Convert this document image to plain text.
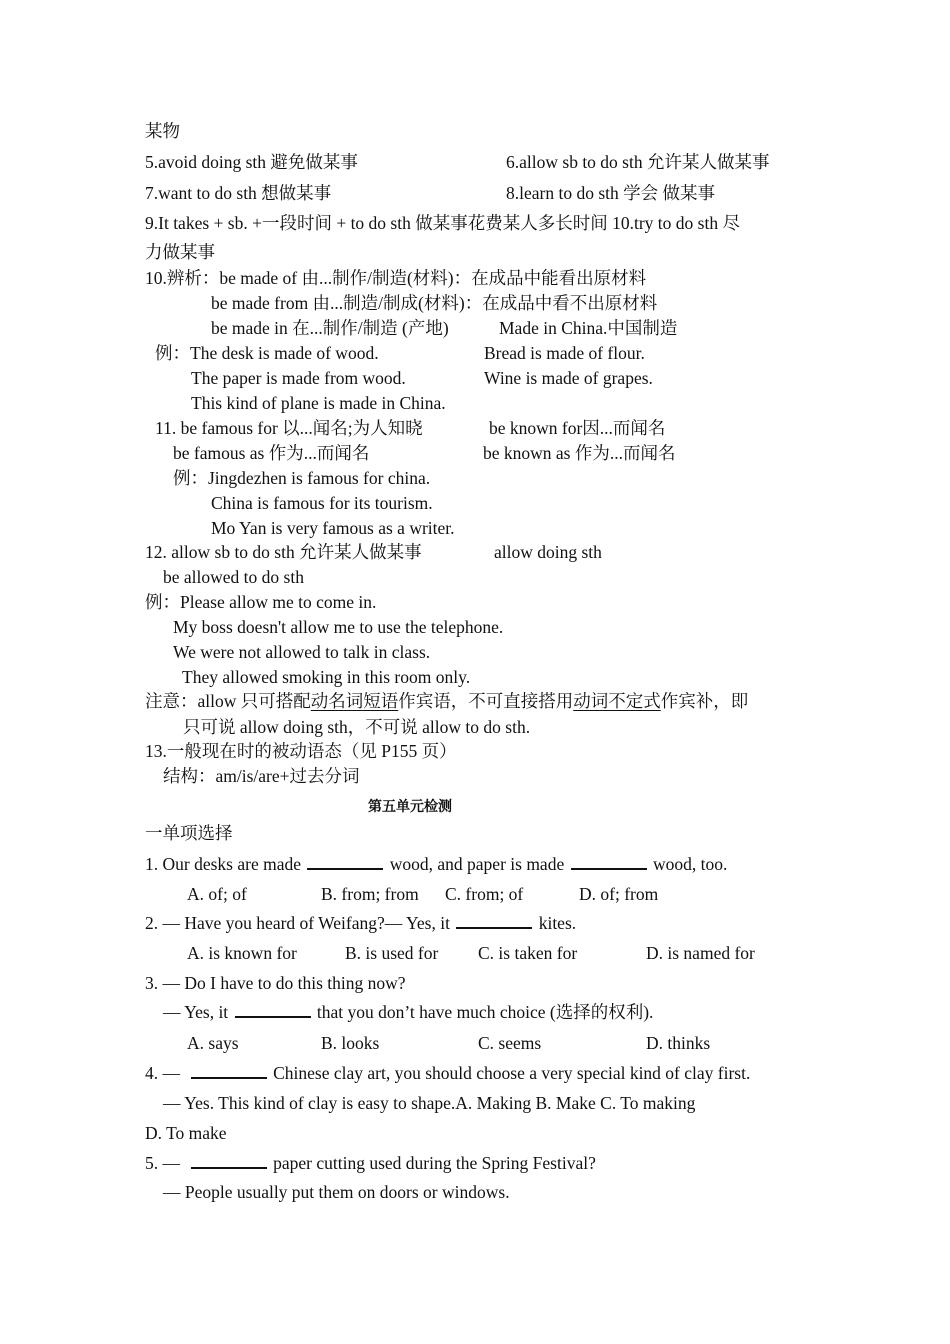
某物

5.avoid doing sth 避免做某事	6.allow sb to do sth 允许某人做某事

7.want to do sth 想做某事	8.learn to do sth 学会 做某事

9.It takes + sb. +一段时间 + to do sth 做某事花费某人多长时间 10.try to do sth 尽

力做某事

10.辨析：be made of 由...制作/制造(材料)：在成品中能看出原材料

be made from 由...制造/制成(材料)：在成品中看不出原材料

be made in 在...制作/制造 (产地)	Made in China.中国制造

例：The desk is made of wood.	Bread is made of flour.

The paper is made from wood.	Wine is made of grapes.

This kind of plane is made in China.

11. be famous for 以...闻名;为人知晓	be known for因...而闻名

be famous as 作为...而闻名	be known as 作为...而闻名

例：Jingdezhen is famous for china.

China is famous for its tourism.

Mo Yan is very famous as a writer.

12. allow sb to do sth 允许某人做某事	allow doing sth

be allowed to do sth

例：Please allow me to come in.

My boss doesn't allow me to use the telephone.

We were not allowed to talk in class.

They allowed smoking in this room only.

注意：allow 只可搭配动名词短语作宾语，不可直接搭用动词不定式作宾补，即

只可说 allow doing sth，不可说 allow to do sth.

13.一般现在时的被动语态（见 P155 页）

结构：am/is/are+过去分词

第五单元检测

一单项选择

1. Our desks are made	wood, and paper is made	wood, too.

A. of; of	B. from; from C. from; of	D. of; from

2. — Have you heard of Weifang?— Yes, it	kites.

A. is known for	B. is used for C. is taken for	D. is named for

3. — Do I have to do this thing now?

— Yes, it	that you don’t have much choice (选择的权利).

A. says	B. looks	C. seems	D. thinks

4. —	Chinese clay art, you should choose a very special kind of clay first.

— Yes. This kind of clay is easy to shape.A. Making B. Make C. To making

D. To make

5. —	paper cutting used during the Spring Festival?

— People usually put them on doors or windows.
